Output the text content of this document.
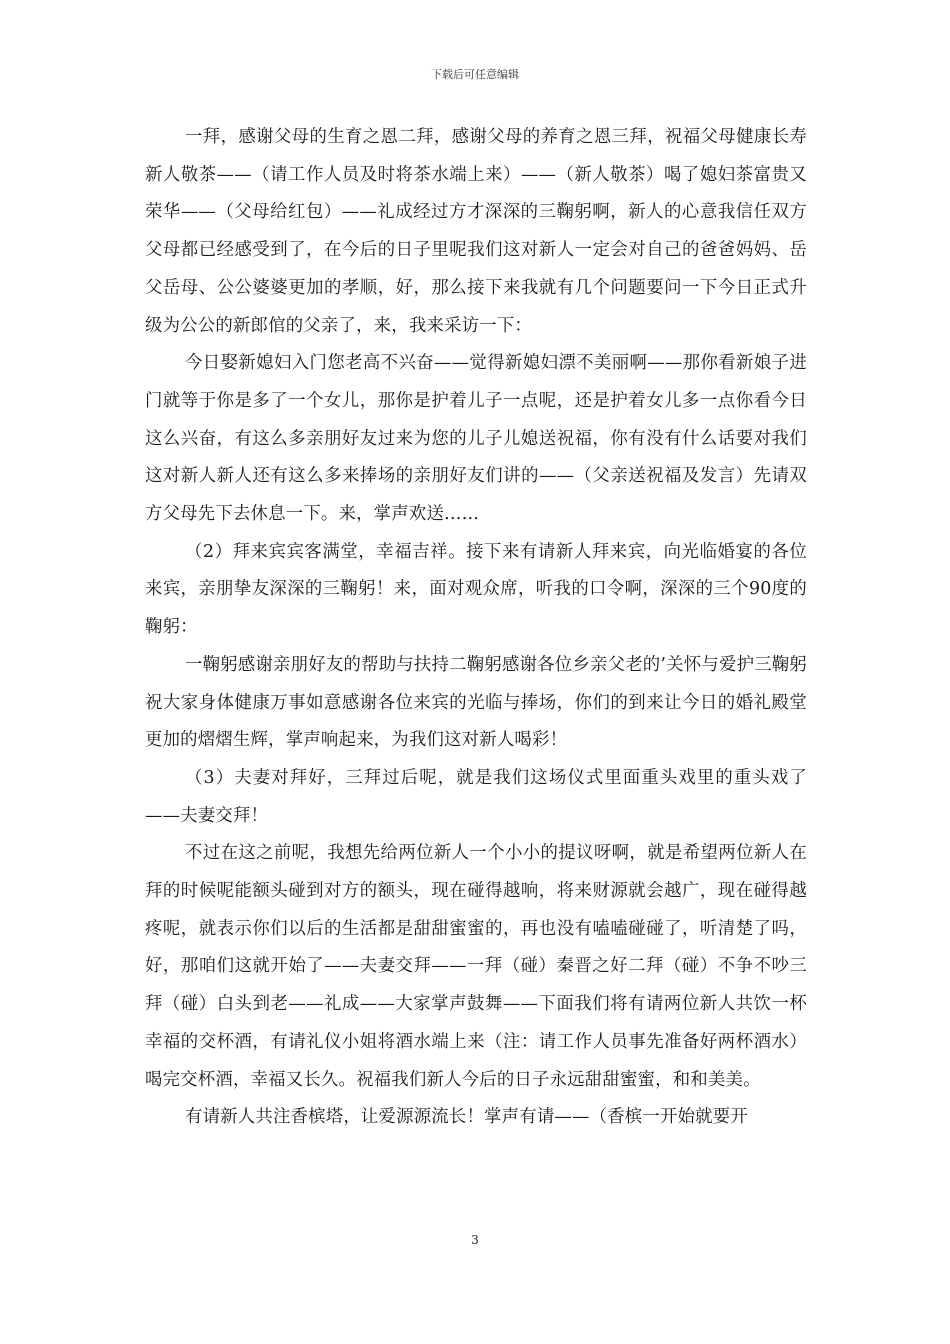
下载后可任意编辑

一拜，感谢父母的生育之恩二拜，感谢父母的养育之恩三拜，祝福父母健康长寿新人敬茶——（请工作人员及时将茶水端上来）——（新人敬茶）喝了媳妇茶富贵又荣华——（父母给红包）——礼成经过方才深深的三鞠躬啊，新人的心意我信任双方父母都已经感受到了，在今后的日子里呢我们这对新人一定会对自己的爸爸妈妈、岳父岳母、公公婆婆更加的孝顺，好，那么接下来我就有几个问题要问一下今日正式升级为公公的新郎倌的父亲了，来，我来采访一下：

今日娶新媳妇入门您老高不兴奋——觉得新媳妇漂不美丽啊——那你看新娘子进门就等于你是多了一个女儿，那你是护着儿子一点呢，还是护着女儿多一点你看今日这么兴奋，有这么多亲朋好友过来为您的儿子儿媳送祝福，你有没有什么话要对我们这对新人新人还有这么多来捧场的亲朋好友们讲的——（父亲送祝福及发言）先请双方父母先下去休息一下。来，掌声欢送……

（2）拜来宾宾客满堂，幸福吉祥。接下来有请新人拜来宾，向光临婚宴的各位来宾，亲朋挚友深深的三鞠躬！来，面对观众席，听我的口令啊，深深的三个90度的鞠躬：

一鞠躬感谢亲朋好友的帮助与扶持二鞠躬感谢各位乡亲父老的’关怀与爱护三鞠躬祝大家身体健康万事如意感谢各位来宾的光临与捧场，你们的到来让今日的婚礼殿堂更加的熠熠生辉，掌声响起来，为我们这对新人喝彩！

（3）夫妻对拜好，三拜过后呢，就是我们这场仪式里面重头戏里的重头戏了——夫妻交拜！

不过在这之前呢，我想先给两位新人一个小小的提议呀啊，就是希望两位新人在拜的时候呢能额头碰到对方的额头，现在碰得越响，将来财源就会越广，现在碰得越疼呢，就表示你们以后的生活都是甜甜蜜蜜的，再也没有嗑嗑碰碰了，听清楚了吗，好，那咱们这就开始了——夫妻交拜——一拜（碰）秦晋之好二拜（碰）不争不吵三拜（碰）白头到老——礼成——大家掌声鼓舞——下面我们将有请两位新人共饮一杯幸福的交杯酒，有请礼仪小姐将酒水端上来（注：请工作人员事先准备好两杯酒水）喝完交杯酒，幸福又长久。祝福我们新人今后的日子永远甜甜蜜蜜，和和美美。

有请新人共注香槟塔，让爱源源流长！掌声有请——（香槟一开始就要开

3
